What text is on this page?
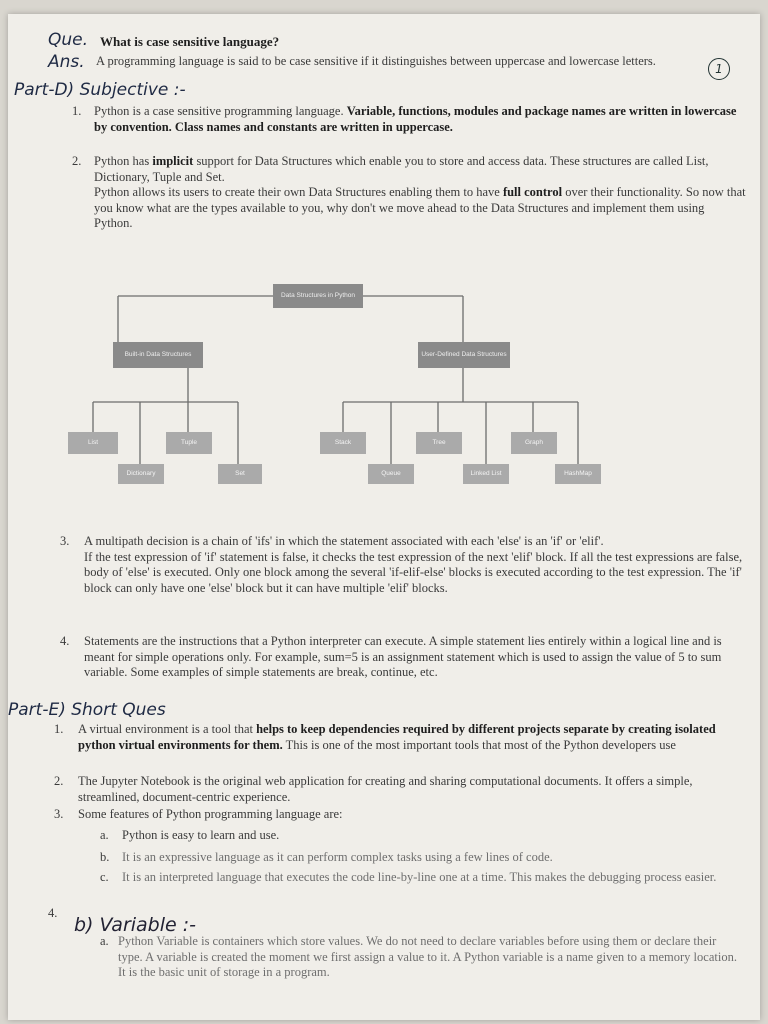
Que. What is case sensitive language?
Ans. A programming language is said to be case sensitive if it distinguishes between uppercase and lowercase letters.
1
Part-D) Subjective :-
1. Python is a case sensitive programming language. Variable, functions, modules and package names are written in lowercase by convention. Class names and constants are written in uppercase.
2. Python has implicit support for Data Structures which enable you to store and access data. These structures are called List, Dictionary, Tuple and Set.
Python allows its users to create their own Data Structures enabling them to have full control over their functionality. So now that you know what are the types available to you, why don't we move ahead to the Data Structures and implement them using Python.
Data Structures in Python
Built-in Data Structures	User-Defined Data Structures
List
Dictionary
Tuple
Set
Stack
Queue
Tree
Linked List
Graph
HashMap
3. A multipath decision is a chain of 'ifs' in which the statement associated with each 'else' is an 'if' or 'elif'.
If the test expression of 'if' statement is false, it checks the test expression of the next 'elif' block. If all the test expressions are false, body of 'else' is executed. Only one block among the several 'if-elif-else' blocks is executed according to the test expression. The 'if' block can only have one 'else' block but it can have multiple 'elif' blocks.
4. Statements are the instructions that a Python interpreter can execute. A simple statement lies entirely within a logical line and is meant for simple operations only. For example, sum=5 is an assignment statement which is used to assign the value of 5 to sum variable. Some examples of simple statements are break, continue, etc.
Part-E) Short Ques
1. A virtual environment is a tool that helps to keep dependencies required by different projects separate by creating isolated python virtual environments for them. This is one of the most important tools that most of the Python developers use
2. The Jupyter Notebook is the original web application for creating and sharing computational documents. It offers a simple, streamlined, document-centric experience.
3. Some features of Python programming language are:
a. Python is easy to learn and use.
b. It is an expressive language as it can perform complex tasks using a few lines of code.
c. It is an interpreted language that executes the code line-by-line one at a time. This makes the debugging process easier.
4.
b) Variable :-
a. Python Variable is containers which store values. We do not need to declare variables before using them or declare their type. A variable is created the moment we first assign a value to it. A Python variable is a name given to a memory location. It is the basic unit of storage in a program.
